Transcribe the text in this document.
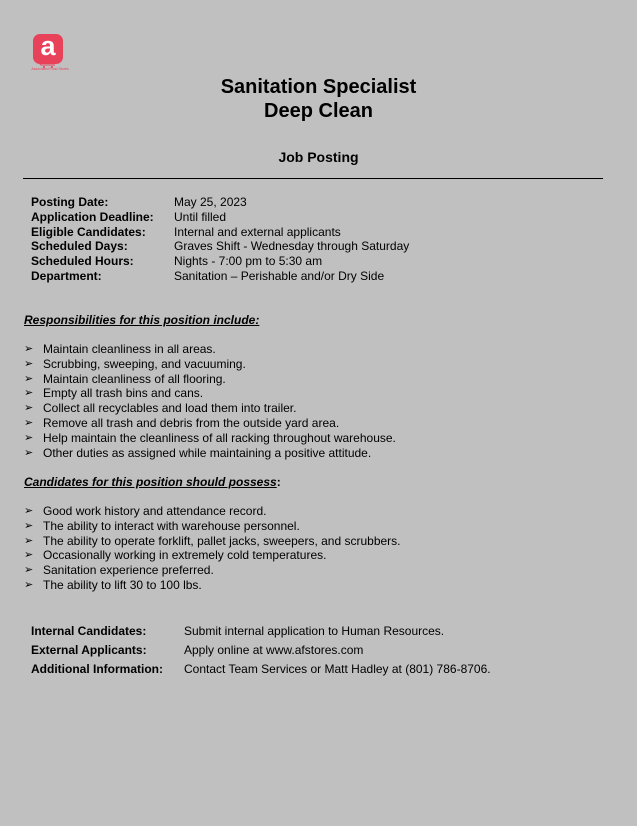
a
Associated Food Stores
Sanitation Specialist
Deep Clean
Job Posting
Posting Date:	May 25, 2023
Application Deadline: Until filled
Eligible Candidates: Internal and external applicants
Scheduled Days:	Graves Shift - Wednesday through Saturday
Scheduled Hours:	Nights - 7:00 pm to 5:30 am
Department:	Sanitation – Perishable and/or Dry Side
Responsibilities for this position include:
➢ Maintain cleanliness in all areas.
➢ Scrubbing, sweeping, and vacuuming.
➢ Maintain cleanliness of all flooring.
➢ Empty all trash bins and cans.
➢ Collect all recyclables and load them into trailer.
➢ Remove all trash and debris from the outside yard area.
➢ Help maintain the cleanliness of all racking throughout warehouse.
➢ Other duties as assigned while maintaining a positive attitude.
Candidates for this position should possess:
➢ Good work history and attendance record.
➢ The ability to interact with warehouse personnel.
➢ The ability to operate forklift, pallet jacks, sweepers, and scrubbers.
➢ Occasionally working in extremely cold temperatures.
➢ Sanitation experience preferred.
➢ The ability to lift 30 to 100 lbs.
Internal Candidates:	Submit internal application to Human Resources.
External Applicants:	Apply online at www.afstores.com
Additional Information: Contact Team Services or Matt Hadley at (801) 786-8706.
